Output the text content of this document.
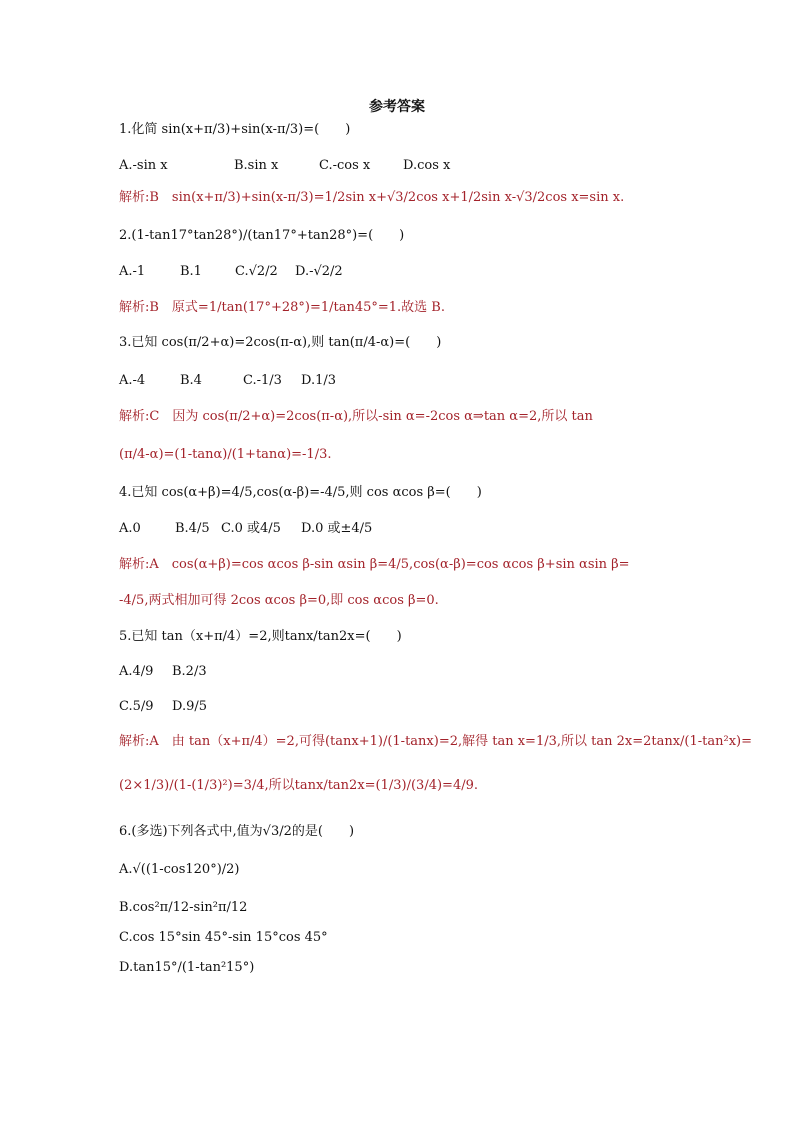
参考答案
1.化简 sin(x+π/3)+sin(x-π/3)=(　　)
A.-sin x	B.sin x	C.-cos x	D.cos x
解析:B　sin(x+π/3)+sin(x-π/3)=1/2sin x+√3/2cos x+1/2sin x-√3/2cos x=sin x.
2.(1-tan17°tan28°)/(tan17°+tan28°)=(　　)
A.-1	B.1	C.√2/2 D.-√2/2
解析:B　原式=1/tan(17°+28°)=1/tan45°=1.故选 B.
3.已知 cos(π/2+α)=2cos(π-α),则 tan(π/4-α)=(　　)
A.-4	B.4	C.-1/3 D.1/3
解析:C　因为 cos(π/2+α)=2cos(π-α),所以-sin α=-2cos α⇒tan α=2,所以 tan
(π/4-α)=(1-tanα)/(1+tanα)=-1/3.
4.已知 cos(α+β)=4/5,cos(α-β)=-4/5,则 cos αcos β=(　　)
A.0	B.4/5 C.0 或4/5 D.0 或±4/5
解析:A　cos(α+β)=cos αcos β-sin αsin β=4/5,cos(α-β)=cos αcos β+sin αsin β=
-4/5,两式相加可得 2cos αcos β=0,即 cos αcos β=0.
5.已知 tan（x+π/4）=2,则tanx/tan2x=(　　)
A.4/9 B.2/3
C.5/9 D.9/5
解析:A　由 tan（x+π/4）=2,可得(tanx+1)/(1-tanx)=2,解得 tan x=1/3,所以 tan 2x=2tanx/(1-tan²x)=
(2×1/3)/(1-(1/3)²)=3/4,所以tanx/tan2x=(1/3)/(3/4)=4/9.
6.(多选)下列各式中,值为√3/2的是(　　)
A.√((1-cos120°)/2)
B.cos²π/12-sin²π/12
C.cos 15°sin 45°-sin 15°cos 45°
D.tan15°/(1-tan²15°)
